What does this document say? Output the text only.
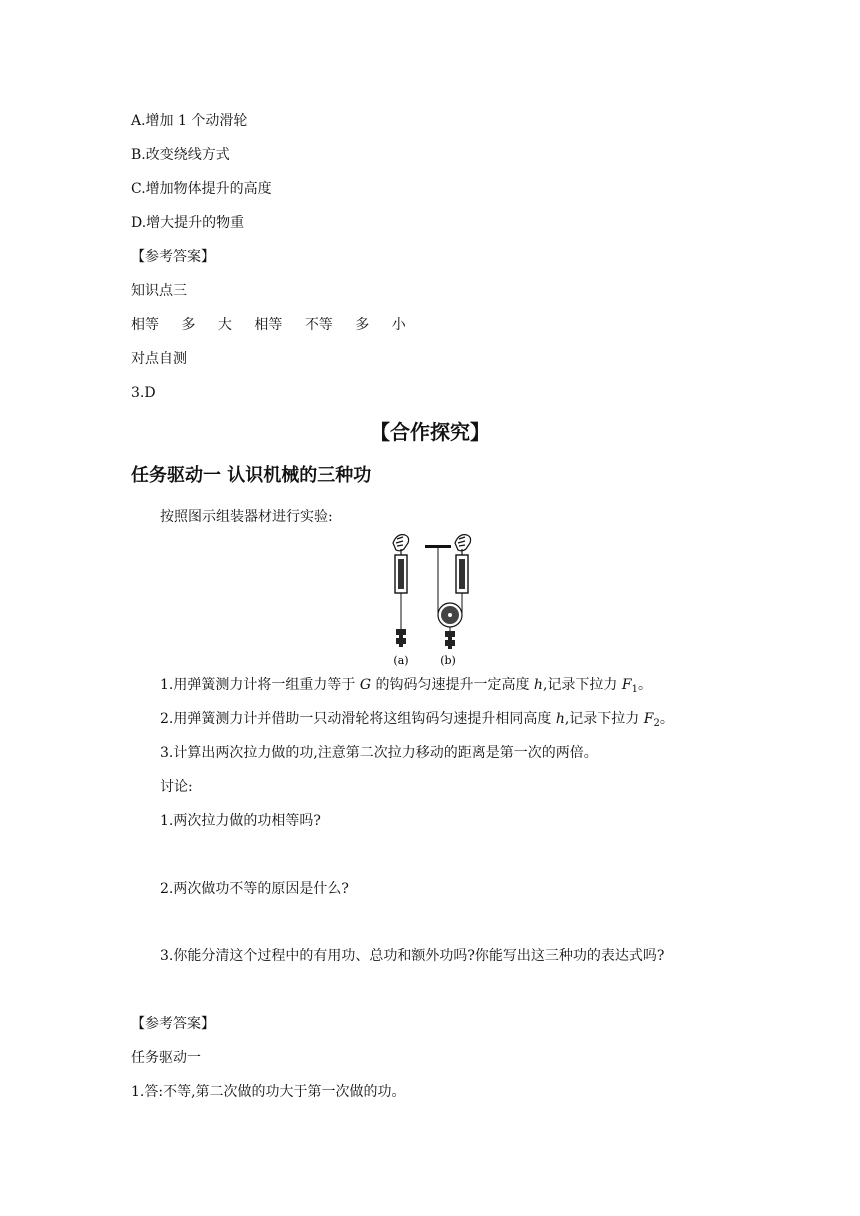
A.增加 1 个动滑轮
B.改变绕线方式
C.增加物体提升的高度
D.增大提升的物重
【参考答案】
知识点三
相等 多 大 相等 不等 多 小
对点自测
3.D
【合作探究】
任务驱动一 认识机械的三种功
按照图示组装器材进行实验:
(a)	(b)
1.用弹簧测力计将一组重力等于 G 的钩码匀速提升一定高度 h,记录下拉力 $F_1$。
2.用弹簧测力计并借助一只动滑轮将这组钩码匀速提升相同高度 h,记录下拉力 $F_2$。
3.计算出两次拉力做的功,注意第二次拉力移动的距离是第一次的两倍。
讨论:
1.两次拉力做的功相等吗?
2.两次做功不等的原因是什么?
3.你能分清这个过程中的有用功、总功和额外功吗?你能写出这三种功的表达式吗?
【参考答案】
任务驱动一
1.答:不等,第二次做的功大于第一次做的功。
